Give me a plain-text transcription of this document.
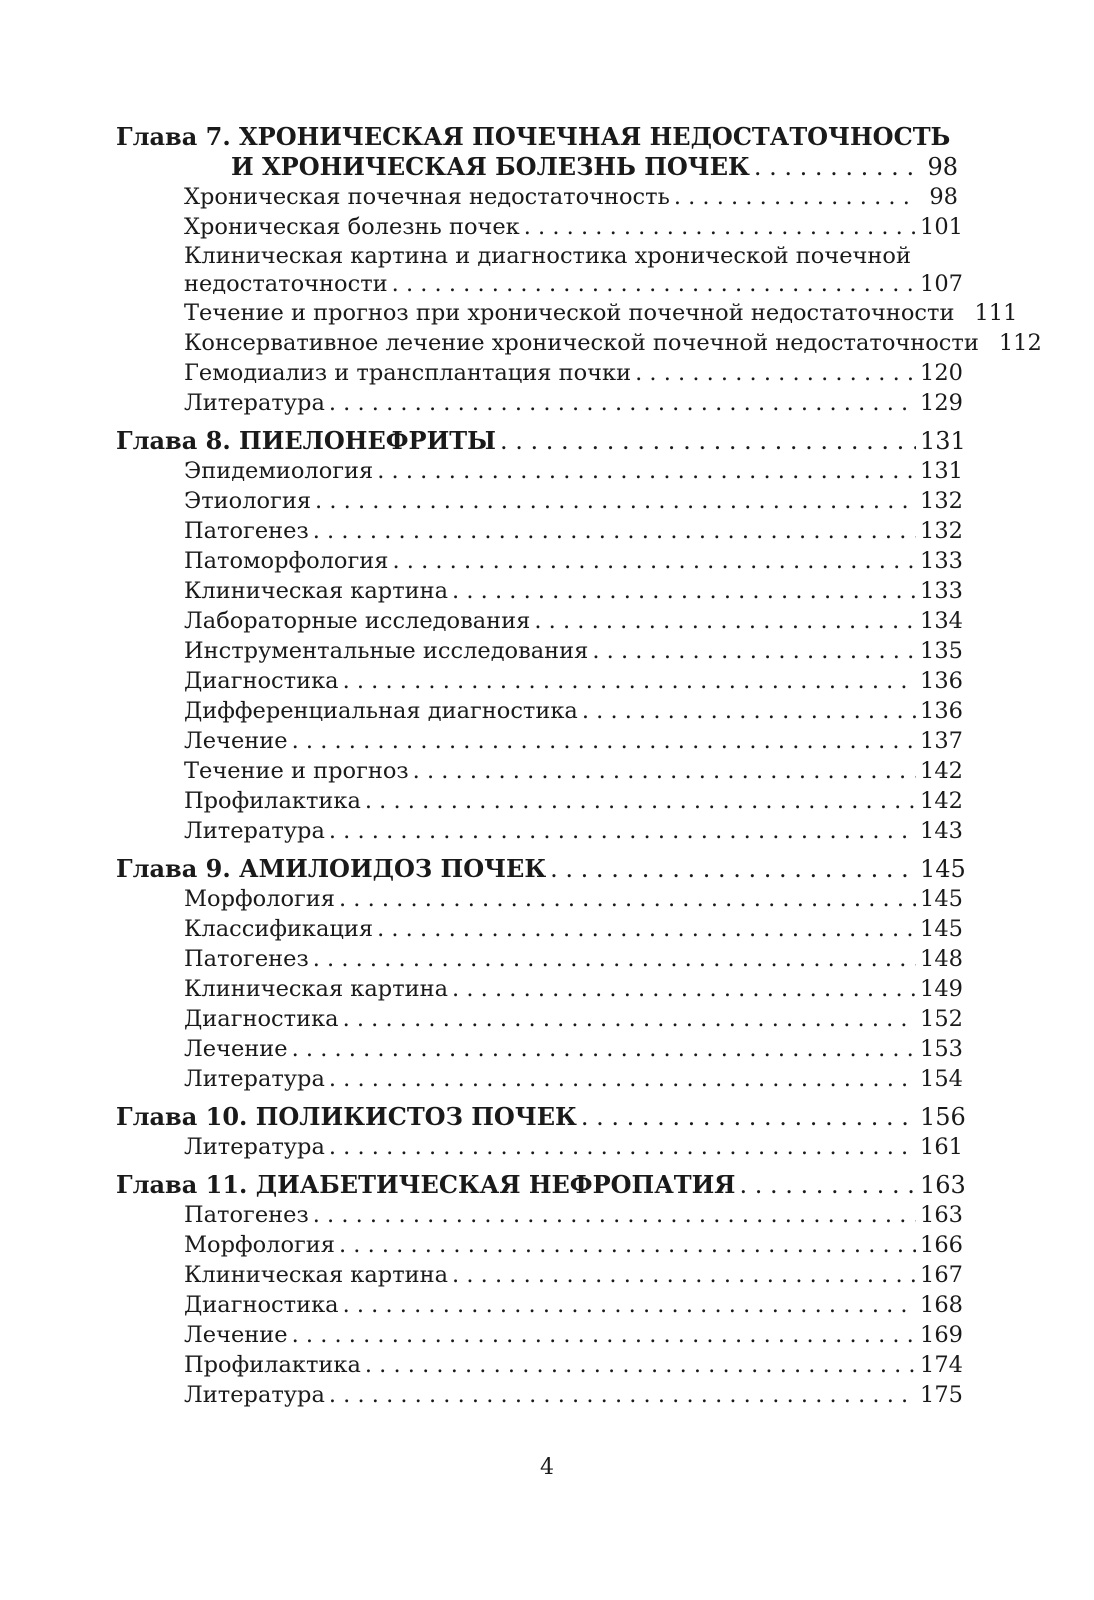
Глава 7. ХРОНИЧЕСКАЯ ПОЧЕЧНАЯ НЕДОСТАТОЧНОСТЬ
И ХРОНИЧЕСКАЯ БОЛЕЗНЬ ПОЧЕК . . .	98
Хроническая почечная недостаточность . . .	98
Хроническая болезнь почек . . .	101
Клиническая картина и диагностика хронической почечной
недостаточности . . .	107
Течение и прогноз при хронической почечной недостаточности 111
Консервативное лечение хронической почечной недостаточности 112
Гемодиализ и трансплантация почки . . .	120
Литература . . .	129
Глава 8. ПИЕЛОНЕФРИТЫ . . .	131
Эпидемиология . . .	131
Этиология . . .	132
Патогенез . . .	132
Патоморфология . . .	133
Клиническая картина . . .	133
Лабораторные исследования . . .	134
Инструментальные исследования . . .	135
Диагностика . . .	136
Дифференциальная диагностика . . .	136
Лечение . . .	137
Течение и прогноз . . .	142
Профилактика . . .	142
Литература . . .	143
Глава 9. АМИЛОИДОЗ ПОЧЕК . . .	145
Морфология . . .	145
Классификация . . .	145
Патогенез . . .	148
Клиническая картина . . .	149
Диагностика . . .	152
Лечение . . .	153
Литература . . .	154
Глава 10. ПОЛИКИСТОЗ ПОЧЕК . . .	156
Литература . . .	161
Глава 11. ДИАБЕТИЧЕСКАЯ НЕФРОПАТИЯ . . .	163
Патогенез . . .	163
Морфология . . .	166
Клиническая картина . . .	167
Диагностика . . .	168
Лечение . . .	169
Профилактика . . .	174
Литература . . .	175
4
